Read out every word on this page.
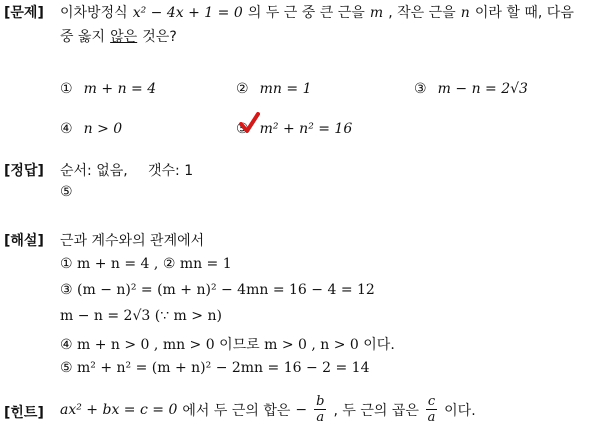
[문제] 이차방정식 x² − 4x + 1 = 0 의 두 근 중 큰 근을 m , 작은 근을 n 이라 할 때, 다음
중 옳지 않은 것은?
① m + n = 4	② mn = 1	③ m − n = 2√3
④ n > 0	⑤ m² + n² = 16
[정답] 순서: 없음, 갯수: 1
⑤
[해설] 근과 계수와의 관계에서
① m + n = 4 , ② mn = 1
③ (m − n)² = (m + n)² − 4mn = 16 − 4 = 12
m − n = 2√3 (∵ m > n)
④ m + n > 0 , mn > 0 이므로 m > 0 , n > 0 이다.
⑤ m² + n² = (m + n)² − 2mn = 16 − 2 = 14
[힌트] ax² + bx = c = 0 에서 두 근의 합은 − $\frac{b}{a}$ , 두 근의 곱은 $\frac{c}{a}$ 이다.
